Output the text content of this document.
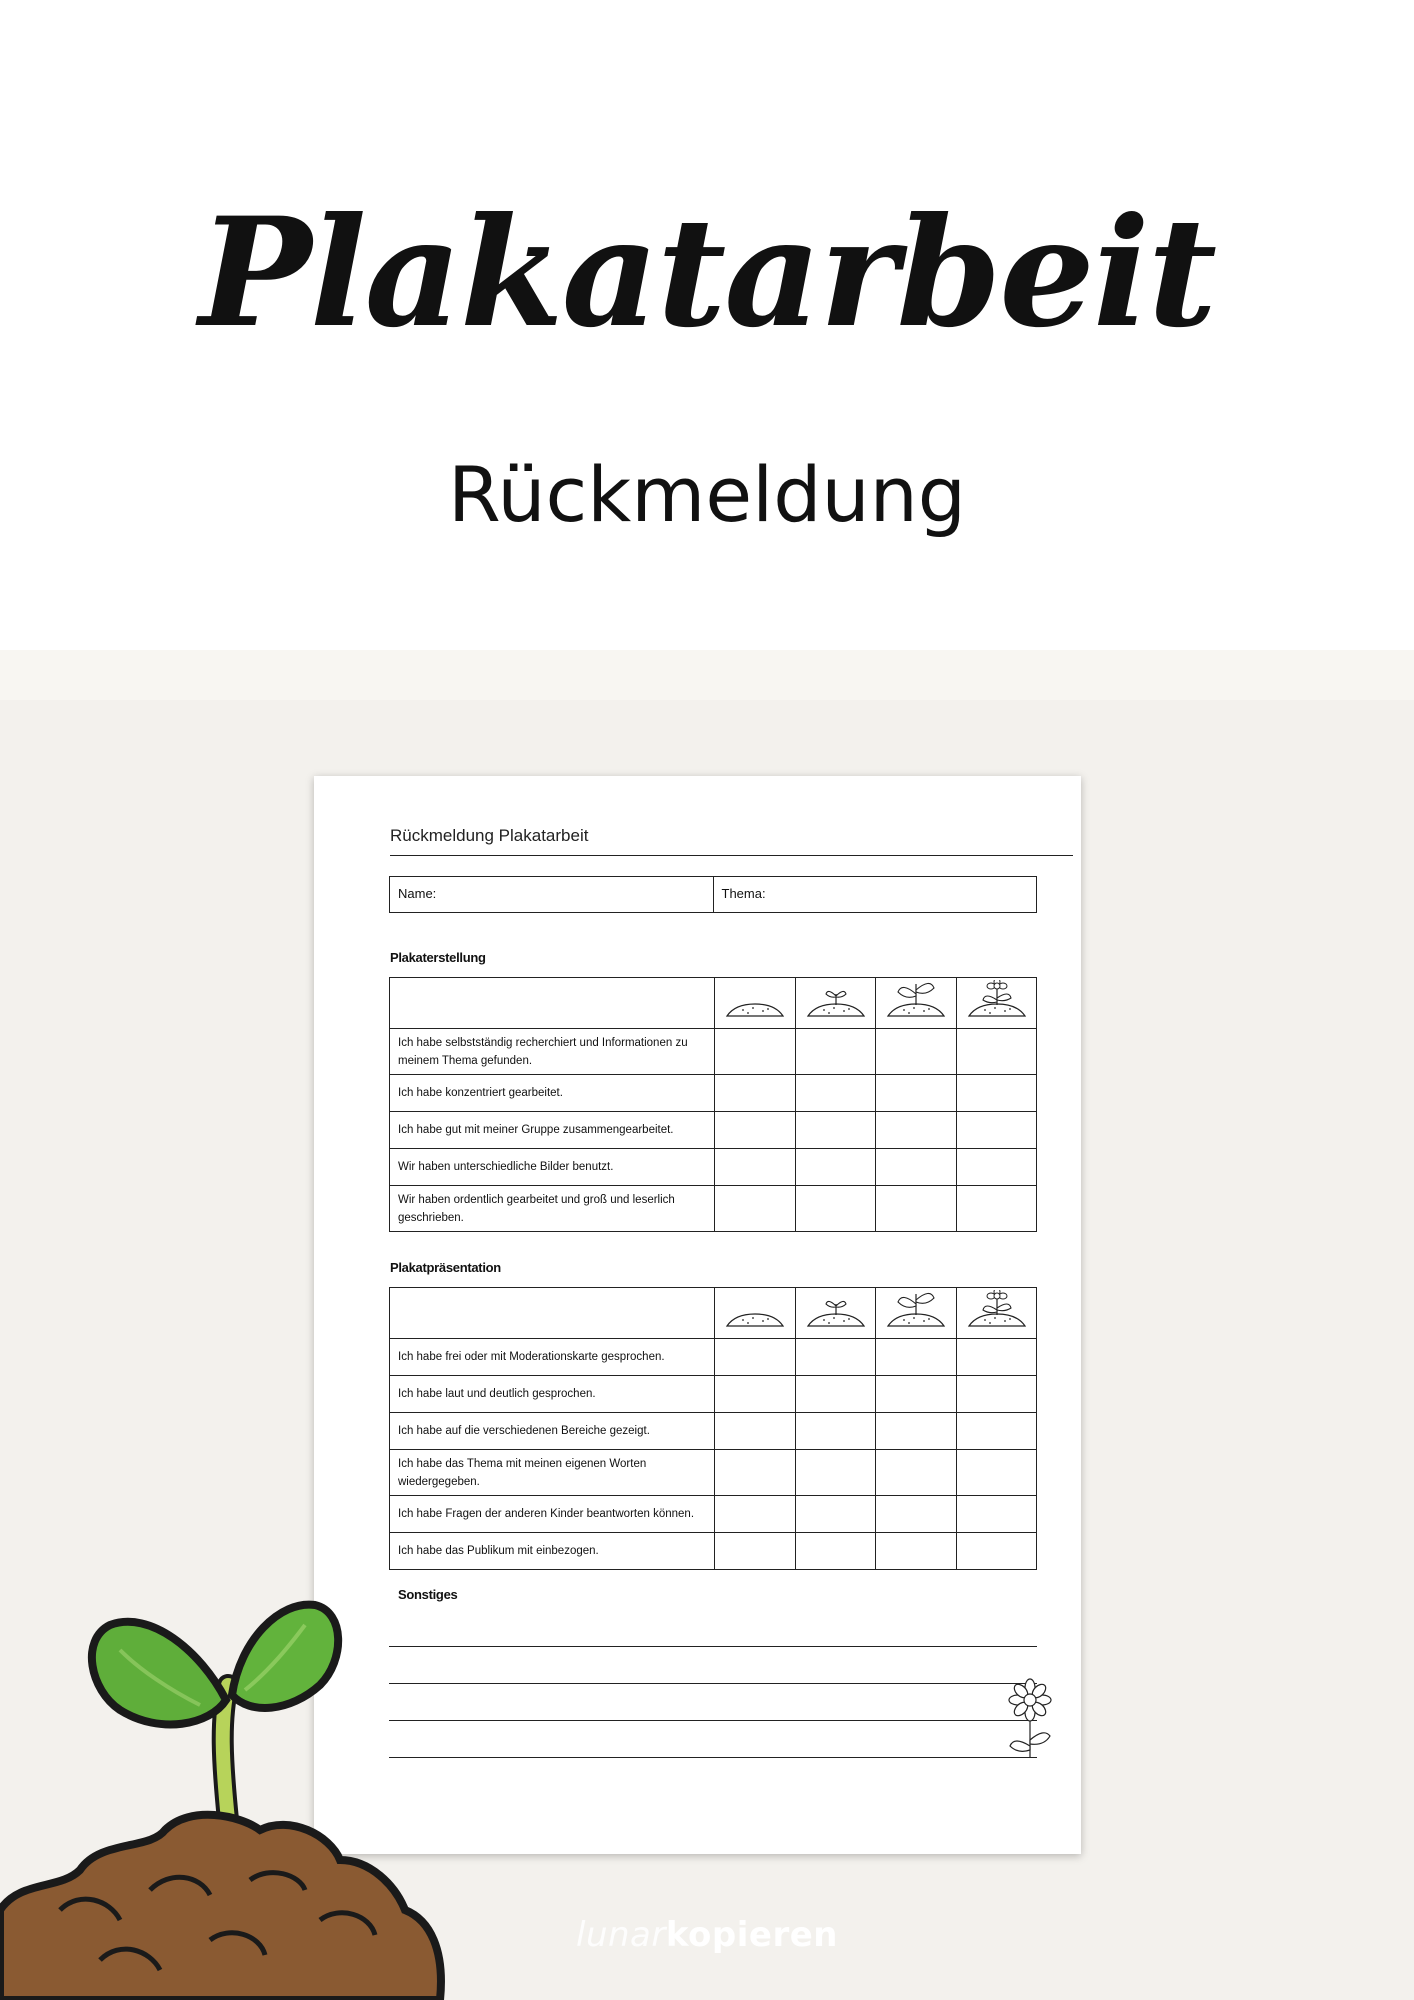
Plakatarbeit
Rückmeldung
Rückmeldung Plakatarbeit
Name:	Thema:
Plakaterstellung

Ich habe selbstständig recherchiert und Informationen zu meinem Thema gefunden.				
Ich habe konzentriert gearbeitet.				
Ich habe gut mit meiner Gruppe zusammengearbeitet.				
Wir haben unterschiedliche Bilder benutzt.				
Wir haben ordentlich gearbeitet und groß und leserlich geschrieben.				
Plakatpräsentation

Ich habe frei oder mit Moderationskarte gesprochen.				
Ich habe laut und deutlich gesprochen.				
Ich habe auf die verschiedenen Bereiche gezeigt.				
Ich habe das Thema mit meinen eigenen Worten wiedergegeben.				
Ich habe Fragen der anderen Kinder beantworten können.				
Ich habe das Publikum mit einbezogen.				
Sonstiges
lunarkopieren
